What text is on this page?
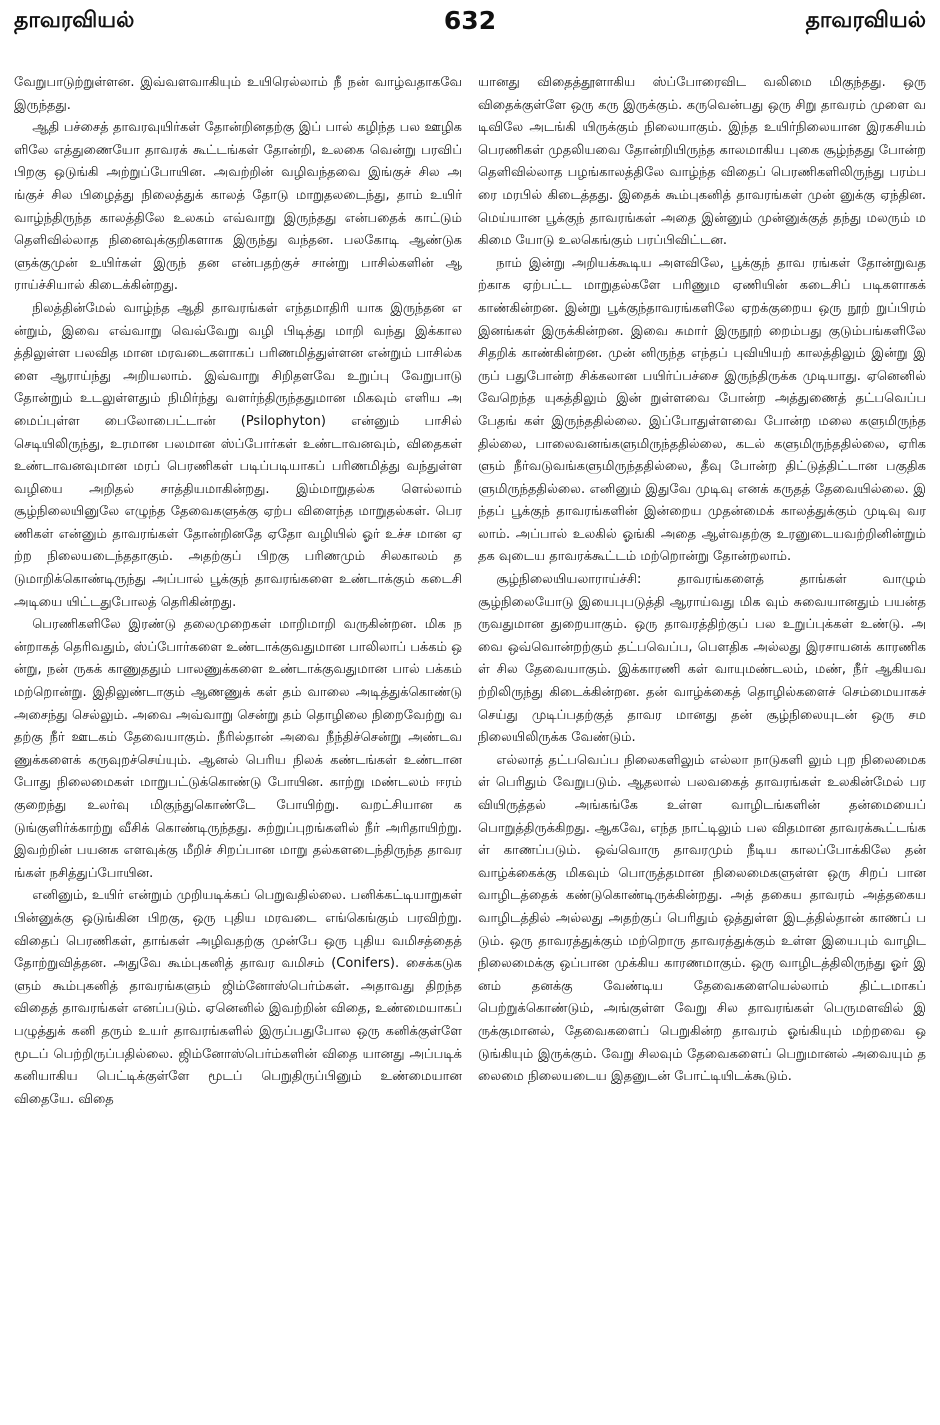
தாவரவியல்	632	தாவரவியல்

வேறுபாடுற்றுள்ளன. இவ்வளவாகியும் உயிரெல்லாம் நீ நன் வாழ்வதாகவே இருந்தது.

ஆதி பச்சைத் தாவரவுயிர்கள் தோன்றினதற்கு இப் பால் கழிந்த பல ஊழிகளிலே எத்துணையோ தாவரக் கூட்டங்கள் தோன்றி, உலகை வென்று பரவிப் பிறகு ஒடுங்கி அற்றுப்போயின. அவற்றின் வழிவந்தவை இங்குச் சில அங்குச் சில பிழைத்து நிலைத்துக் காலத் தோடு மாறுதலடைந்து, தாம் உயிர் வாழ்ந்திருந்த காலத்திலே உலகம் எவ்வாறு இருந்தது என்பதைக் காட்டும் தெளிவில்லாத நினைவுக்குறிகளாக இருந்து வந்தன. பலகோடி ஆண்டுகளுக்குமுன் உயிர்கள் இருந் தன என்பதற்குச் சான்று பாசில்களின் ஆராய்ச்சியால் கிடைக்கின்றது.

நிலத்தின்மேல் வாழ்ந்த ஆதி தாவரங்கள் எந்தமாதிரி யாக இருந்தன என்றும், இவை எவ்வாறு வெவ்வேறு வழி பிடித்து மாறி வந்து இக்காலத்திலுள்ள பலவித மான மரவடைகளாகப் பரிணமித்துள்ளன என்றும் பாசில்களை ஆராய்ந்து அறியலாம். இவ்வாறு சிறிதளவே உறுப்பு வேறுபாடு தோன்றும் உடலுள்ளதும் நிமிர்ந்து வளர்ந்திருந்ததுமான மிகவும் எளிய அமைப்புள்ள பைலோபைட்டான் (Psilophyton) என்னும் பாசில் செடியிலிருந்து, உரமான பலமான ஸ்ப்போர்கள் உண்டாவனவும், விதைகள் உண்டாவனவுமான மரப் பெரணிகள் படிப்படியாகப் பரிணமித்து வந்துள்ள வழியை அறிதல் சாத்தியமாகின்றது. இம்மாறுதல்க ளெல்லாம் சூழ்நிலையினுலே எழுந்த தேவைகளுக்கு ஏற்ப விளைந்த மாறுதல்கள். பெரணிகள் என்னும் தாவரங்கள் தோன்றினதே ஏதோ வழியில் ஓர் உச்ச மான ஏற்ற நிலையடைந்ததாகும். அதற்குப் பிறகு பரிணமும் சிலகாலம் தடுமாறிக்கொண்டிருந்து அப்பால் பூக்குந் தாவரங்களை உண்டாக்கும் கடைசி அடியை யிட்டதுபோலத் தெரிகின்றது.

பெரணிகளிலே இரண்டு தலைமுறைகள் மாறிமாறி வருகின்றன. மிக நன்றாகத் தெரிவதும், ஸ்ப்போர்களை உண்டாக்குவதுமான பாலிலாப் பக்கம் ஒன்று, நன் ருகக் காணுததும் பாலணுக்களை உண்டாக்குவதுமான பால் பக்கம் மற்றொன்று. இதிலுண்டாகும் ஆணணுக் கள் தம் வாலை அடித்துக்கொண்டு அசைந்து செல்லும். அவை அவ்வாறு சென்று தம் தொழிலை நிறைவேற்று வதற்கு நீர் ஊடகம் தேவையாகும். நீரில்தான் அவை நீந்திச்சென்று அண்டவணுக்களைக் கருவுறச்செய்யும். ஆனல் பெரிய நிலக் கண்டங்கள் உண்டானபோது நிலைமைகள் மாறுபட்டுக்கொண்டு போயின. காற்று மண்டலம் ஈரம் குறைந்து உலர்வு மிகுந்துகொண்டே போயிற்று. வறட்சியான கடுங்குளிர்க்காற்று வீசிக் கொண்டிருந்தது. சுற்றுப்புறங்களில் நீர் அரிதாயிற்று. இவற்றின் பயனக எளவுக்கு மீறிச் சிறப்பான மாறு தல்களடைந்திருந்த தாவரங்கள் நசித்துப்போயின.

எனினும், உயிர் என்றும் முறியடிக்கப் பெறுவதில்லை. பனிக்கட்டியாறுகள் பின்னுக்கு ஒடுங்கின பிறகு, ஒரு புதிய மரவடை எங்கெங்கும் பரவிற்று. விதைப் பெரணிகள், தாங்கள் அழிவதற்கு முன்பே ஒரு புதிய வமிசத்தைத் தோற்றுவித்தன. அதுவே கூம்புகனித் தாவர வமிசம் (Conifers). சைக்கடுகளும் கூம்புகனித் தாவரங்களும் ஜிம்னோஸ்பெர்ம்கள். அதாவது திறந்த விதைத் தாவரங்கள் எனப்படும். ஏனெனில் இவற்றின் விதை, உண்மையாகப் பழுத்துக் கனி தரும் உயர் தாவரங்களில் இருப்பதுபோல ஒரு கனிக்குள்ளே மூடப் பெற்றிருப்பதில்லை. ஜிம்னோஸ்பெர்ம்களின் விதை யானது அப்படிக் கனியாகிய பெட்டிக்குள்ளே மூடப் பெறுதிருப்பினும் உண்மையான விதையே. விதை

யானது விதைத்தூளாகிய ஸ்ப்போரைவிட வலிமை மிகுந்தது. ஒரு விதைக்குள்ளே ஒரு கரு இருக்கும். கருவென்பது ஒரு சிறு தாவரம் முளை வடிவிலே அடங்கி யிருக்கும் நிலையாகும். இந்த உயிர்நிலையான இரகசியம் பெரணிகள் முதலியவை தோன்றியிருந்த காலமாகிய புகை சூழ்ந்தது போன்ற தெளிவில்லாத பழங்காலத்திலே வாழ்ந்த விதைப் பெரணிகளிலிருந்து பரம்பரை மரபில் கிடைத்தது. இதைக் கூம்புகனித் தாவரங்கள் முன் னுக்கு ஏந்தின. மெய்யான பூக்குந் தாவரங்கள் அதை இன்னும் முன்னுக்குத் தந்து மலரும் மகிமை யோடு உலகெங்கும் பரப்பிவிட்டன.

நாம் இன்று அறியக்கூடிய அளவிலே, பூக்குந் தாவ ரங்கள் தோன்றுவதற்காக ஏற்பட்ட மாறுதல்களே பரிணும ஏணியின் கடைசிப் படிகளாகக் காண்கின்றன. இன்று பூக்குந்தாவரங்களிலே ஏறக்குறைய ஒரு நூற் றுப்பிரம் இனங்கள் இருக்கின்றன. இவை சுமார் இருநூற் றைம்பது குடும்பங்களிலே சிதறிக் காண்கின்றன. முன் னிருந்த எந்தப் புவியியற் காலத்திலும் இன்று இருப் பதுபோன்ற சிக்கலான பயிர்ப்பச்சை இருந்திருக்க முடியாது. ஏனெனில் வேறெந்த யுகத்திலும் இன் றுள்ளவை போன்ற அத்துணைத் தட்பவெப்ப பேதங் கள் இருந்ததில்லை. இப்போதுள்ளவை போன்ற மலை களுமிருந்ததில்லை, பாலைவனங்களுமிருந்ததில்லை, கடல் களுமிருந்ததில்லை, ஏரிகளும் நீர்வடுவங்களுமிருந்ததில்லை, தீவு போன்ற திட்டுத்திட்டான பகுதிகளுமிருந்ததில்லை. எனினும் இதுவே முடிவு எனக் கருதத் தேவையில்லை. இந்தப் பூக்குந் தாவரங்களின் இன்றைய முதன்மைக் காலத்துக்கும் முடிவு வரலாம். அப்பால் உலகில் ஓங்கி அதை ஆள்வதற்கு உரனுடையவற்றினின்றும் தக வுடைய தாவரக்கூட்டம் மற்றொன்று தோன்றலாம்.

சூழ்நிலையியலாராய்ச்சி: தாவரங்களைத் தாங்கள் வாழும் சூழ்நிலையோடு இயைபுபடுத்தி ஆராய்வது மிக வும் சுவையானதும் பயன்தருவதுமான துறையாகும். ஒரு தாவரத்திற்குப் பல உறுப்புக்கள் உண்டு. அவை ஒவ்வொன்றற்கும் தட்பவெப்ப, பௌதிக அல்லது இரசாயனக் காரணிகள் சில தேவையாகும். இக்காரணி கள் வாயுமண்டலம், மண், நீர் ஆகியவற்றிலிருந்து கிடைக்கின்றன. தன் வாழ்க்கைத் தொழில்களைச் செம்மையாகச் செய்து முடிப்பதற்குத் தாவர மானது தன் சூழ்நிலையுடன் ஒரு சமநிலையிலிருக்க வேண்டும்.

எல்லாத் தட்பவெப்ப நிலைகளிலும் எல்லா நாடுகளி லும் புற நிலைமைகள் பெரிதும் வேறுபடும். ஆதலால் பலவகைத் தாவரங்கள் உலகின்மேல் பரவியிருத்தல் அங்கங்கே உள்ள வாழிடங்களின் தன்மையைப் பொறுத்திருக்கிறது. ஆகவே, எந்த நாட்டிலும் பல விதமான தாவரக்கூட்டங்கள் காணப்படும். ஒவ்வொரு தாவரமும் நீடிய காலப்போக்கிலே தன் வாழ்க்கைக்கு மிகவும் பொருத்தமான நிலைமைகளுள்ள ஒரு சிறப் பான வாழிடத்தைக் கண்டுகொண்டிருக்கின்றது. அத் தகைய தாவரம் அத்தகைய வாழிடத்தில் அல்லது அதற்குப் பெரிதும் ஒத்துள்ள இடத்தில்தான் காணப் படும். ஒரு தாவரத்துக்கும் மற்றொரு தாவரத்துக்கும் உள்ள இயைபும் வாழிட நிலைமைக்கு ஒப்பான முக்கிய காரணமாகும். ஒரு வாழிடத்திலிருந்து ஓர் இனம் தனக்கு வேண்டிய தேவைகளையெல்லாம் திட்டமாகப் பெற்றுக்கொண்டும், அங்குள்ள வேறு சில தாவரங்கள் பெருமளவில் இருக்குமானல், தேவைகளைப் பெறுகின்ற தாவரம் ஓங்கியும் மற்றவை ஒடுங்கியும் இருக்கும். வேறு சிலவும் தேவைகளைப் பெறுமானல் அவையும் தலைமை நிலையடைய இதனுடன் போட்டியிடக்கூடும்.
